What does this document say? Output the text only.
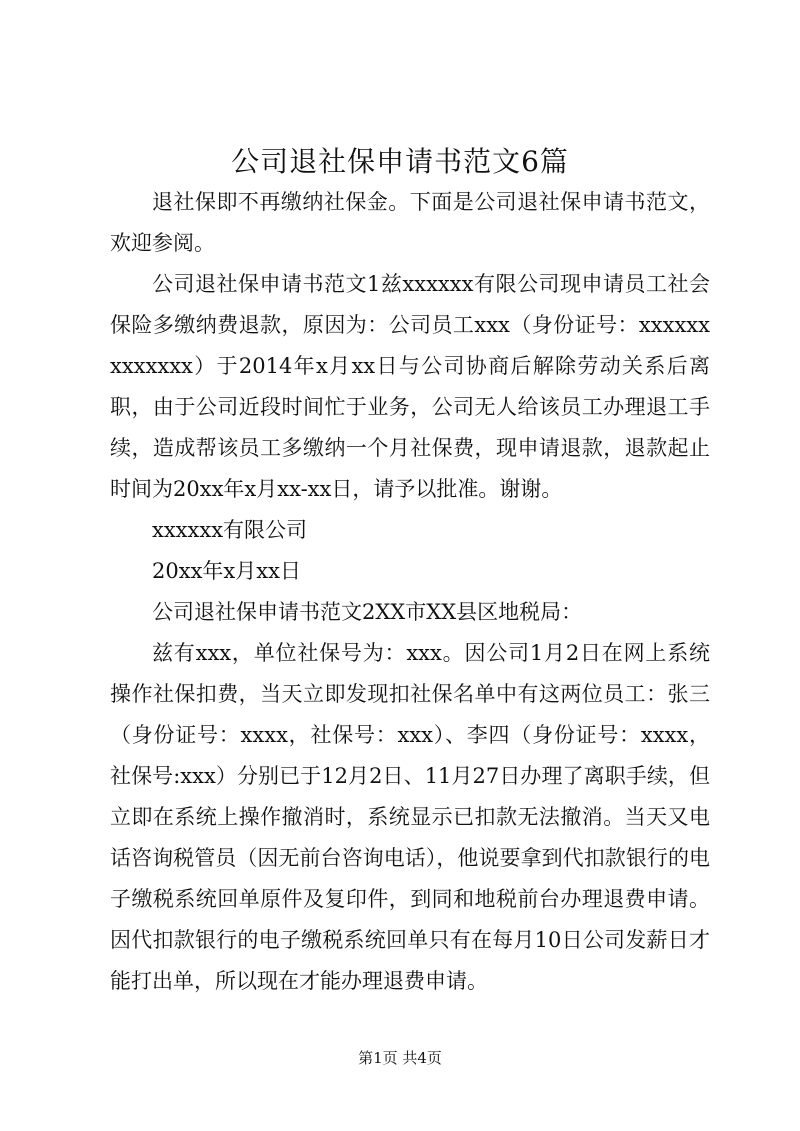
公司退社保申请书范文6篇

退社保即不再缴纳社保金。下面是公司退社保申请书范文，欢迎参阅。

公司退社保申请书范文1兹xxxxxx有限公司现申请员工社会保险多缴纳费退款，原因为：公司员工xxx（身份证号：xxxxxxxxxxxxx）于2014年x月xx日与公司协商后解除劳动关系后离职，由于公司近段时间忙于业务，公司无人给该员工办理退工手续，造成帮该员工多缴纳一个月社保费，现申请退款，退款起止时间为20xx年x月xx-xx日，请予以批准。谢谢。

xxxxxx有限公司

20xx年x月xx日

公司退社保申请书范文2XX市XX县区地税局：

兹有xxx，单位社保号为：xxx。因公司1月2日在网上系统操作社保扣费，当天立即发现扣社保名单中有这两位员工：张三（身份证号：xxxx，社保号：xxx）、李四（身份证号：xxxx，社保号:xxx）分别已于12月2日、11月27日办理了离职手续，但立即在系统上操作撤消时，系统显示已扣款无法撤消。当天又电话咨询税管员（因无前台咨询电话），他说要拿到代扣款银行的电子缴税系统回单原件及复印件，到同和地税前台办理退费申请。因代扣款银行的电子缴税系统回单只有在每月10日公司发薪日才能打出单，所以现在才能办理退费申请。

第1页 共4页
